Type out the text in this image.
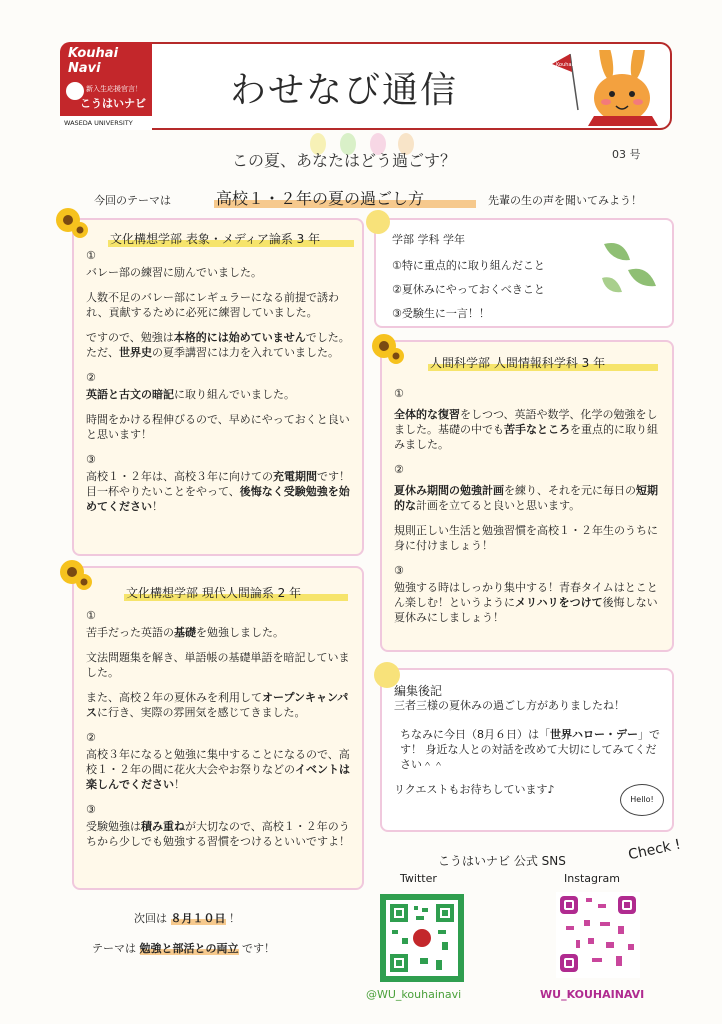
Kouhai
Navi
新入生応援官言！
こうはいナビ
WASEDA UNIVERSITY
わせなび通信
Kouhai Navi
この夏、あなたはどう過ごす？	03 号
今回のテーマは	高校１・２年の夏の過ごし方	先輩の生の声を聞いてみよう！
①

バレー部の練習に励んでいました。

人数不足のバレー部にレギュラーになる前提で誘われ、貢献するために必死に練習していました。

ですので、勉強は本格的には始めていませんでした。ただ、世界史の夏季講習には力を入れていました。

②

英語と古文の暗記に取り組んでいました。

時間をかける程伸びるので、早めにやっておくと良いと思います！

③

高校１・２年は、高校３年に向けての充電期間です！目一杯やりたいことをやって、後悔なく受験勉強を始めてください！

文化構想学部 表象・メディア論系 3 年
①

苦手だった英語の基礎を勉強しました。

文法問題集を解き、単語帳の基礎単語を暗記していました。

また、高校２年の夏休みを利用してオープンキャンパスに行き、実際の雰囲気を感じてきました。

②

高校３年になると勉強に集中することになるので、高校１・２年の間に花火大会やお祭りなどのイベントは楽しんでください！

③

受験勉強は積み重ねが大切なので、高校１・２年のうちから少しでも勉強する習慣をつけるといいですよ！

文化構想学部 現代人間論系 2 年
学部 学科 学年
①特に重点的に取り組んだこと
②夏休みにやっておくべきこと
③受験生に一言！！
①

全体的な復習をしつつ、英語や数学、化学の勉強をしました。基礎の中でも苦手なところを重点的に取り組みました。

②

夏休み期間の勉強計画を練り、それを元に毎日の短期的な計画を立てると良いと思います。

規則正しい生活と勉強習慣を高校１・２年生のうちに身に付けましょう！

③

勉強する時はしっかり集中する！青春タイムはとことん楽しむ！というようにメリハリをつけて後悔しない夏休みにしましょう！

人間科学部 人間情報科学科 3 年

三者三様の夏休みの過ごし方がありましたね！

ちなみに今日（8月６日）は「世界ハロー・デー」です！ 身近な人との対話を改めて大切にしてみてください＾＾

リクエストもお待ちしています♪

編集後記
Hello!
次回は ８月１０日 ！
テーマは 勉強と部活との両立 です！
こうはいナビ 公式 SNS	Check !
Twitter	Instagram
@WU_kouhainavi	WU_KOUHAINAVI
